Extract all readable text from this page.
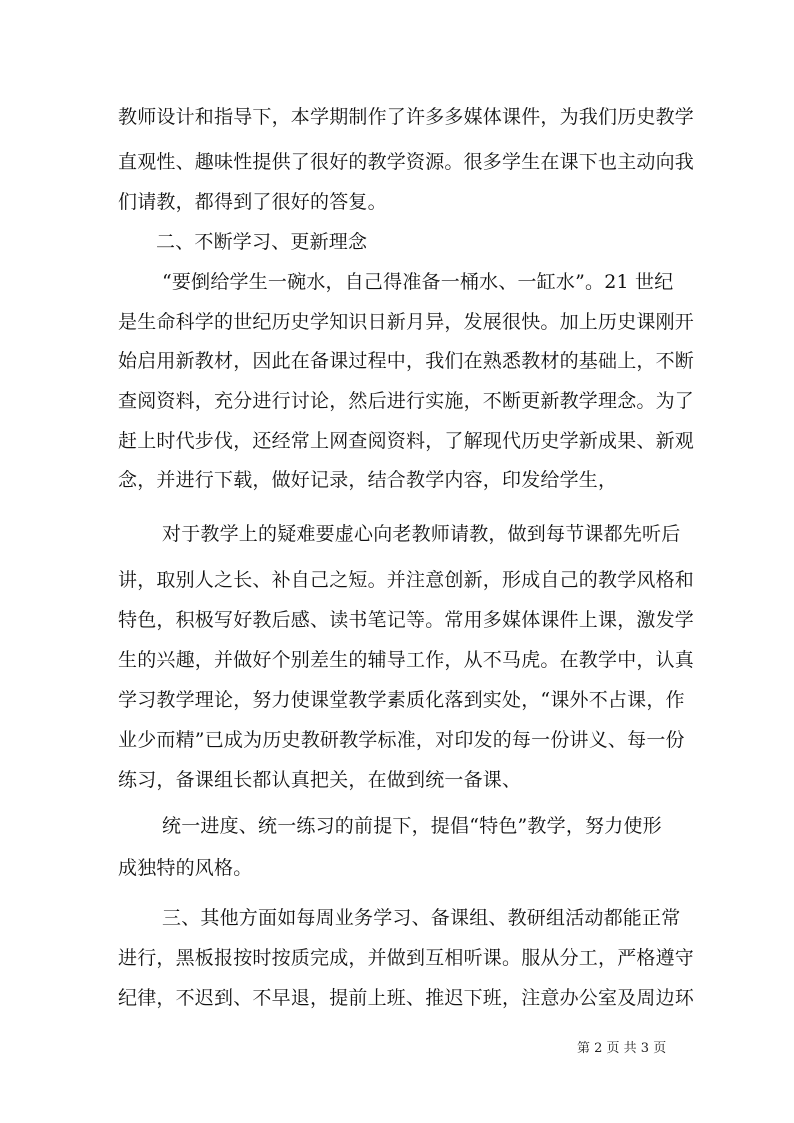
教师设计和指导下，本学期制作了许多多媒体课件，为我们历史教学
直观性、趣味性提供了很好的教学资源。很多学生在课下也主动向我
们请教，都得到了很好的答复。
二、不断学习、更新理念
“要倒给学生一碗水，自己得准备一桶水、一缸水”。21 世纪
是生命科学的世纪历史学知识日新月异，发展很快。加上历史课刚开
始启用新教材，因此在备课过程中，我们在熟悉教材的基础上，不断
查阅资料，充分进行讨论，然后进行实施，不断更新教学理念。为了
赶上时代步伐，还经常上网查阅资料，了解现代历史学新成果、新观
念，并进行下载，做好记录，结合教学内容，印发给学生，
对于教学上的疑难要虚心向老教师请教，做到每节课都先听后
讲，取别人之长、补自己之短。并注意创新，形成自己的教学风格和
特色，积极写好教后感、读书笔记等。常用多媒体课件上课，激发学
生的兴趣，并做好个别差生的辅导工作，从不马虎。在教学中，认真
学习教学理论，努力使课堂教学素质化落到实处，“课外不占课，作
业少而精”已成为历史教研教学标准，对印发的每一份讲义、每一份
练习，备课组长都认真把关，在做到统一备课、
统一进度、统一练习的前提下，提倡“特色”教学，努力使形
成独特的风格。
三、其他方面如每周业务学习、备课组、教研组活动都能正常
进行，黑板报按时按质完成，并做到互相听课。服从分工，严格遵守
纪律，不迟到、不早退，提前上班、推迟下班，注意办公室及周边环
第 2 页 共 3 页
